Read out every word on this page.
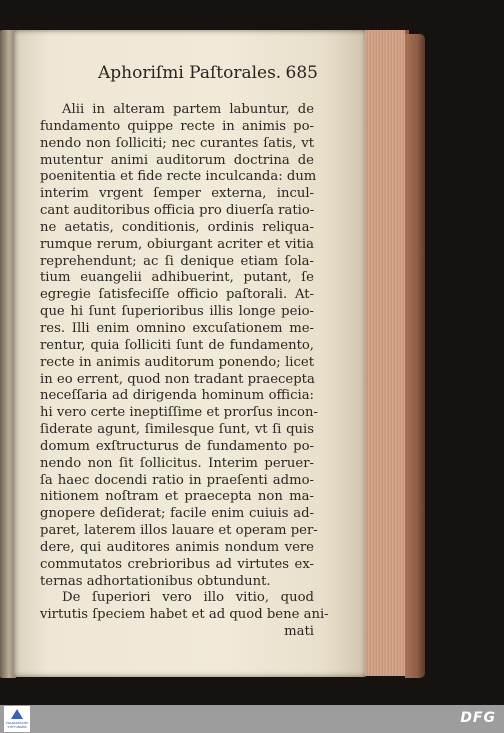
Aphoriſmi Paſtorales. 685
Alii in alteram partem labuntur, de
fundamento quippe recte in animis po-
nendo non ſolliciti; nec curantes ſatis, vt
mutentur animi auditorum doctrina de
poenitentia et fide recte inculcanda: dum
interim vrgent ſemper externa, incul-
cant auditoribus officia pro diuerſa ratio-
ne aetatis, conditionis, ordinis reliqua-
rumque rerum, obiurgant acriter et vitia
reprehendunt; ac ſi denique etiam ſola-
tium euangelii adhibuerint, putant, ſe
egregie ſatisfeciſſe officio paſtorali. At-
que hi ſunt ſuperioribus illis longe peio-
res. Illi enim omnino excuſationem me-
rentur, quia ſolliciti ſunt de fundamento,
recte in animis auditorum ponendo; licet
in eo errent, quod non tradant praecepta
neceſſaria ad dirigenda hominum officia:
hi vero certe ineptiſſime et prorſus incon-
ſiderate agunt, ſimilesque ſunt, vt ſi quis
domum exſtructurus de fundamento po-
nendo non ſit ſollicitus. Interim peruer-
ſa haec docendi ratio in praeſenti admo-
nitionem noſtram et praecepta non ma-
gnopere deſiderat; facile enim cuiuis ad-
paret, laterem illos lauare et operam per-
dere, qui auditores animis nondum vere
commutatos crebrioribus ad virtutes ex-
ternas adhortationibus obtundunt.
De ſuperiori vero illo vitio, quod
virtutis ſpeciem habet et ad quod bene ani-
mati
FRANCKESCHE STIFTUNGEN
DFG
